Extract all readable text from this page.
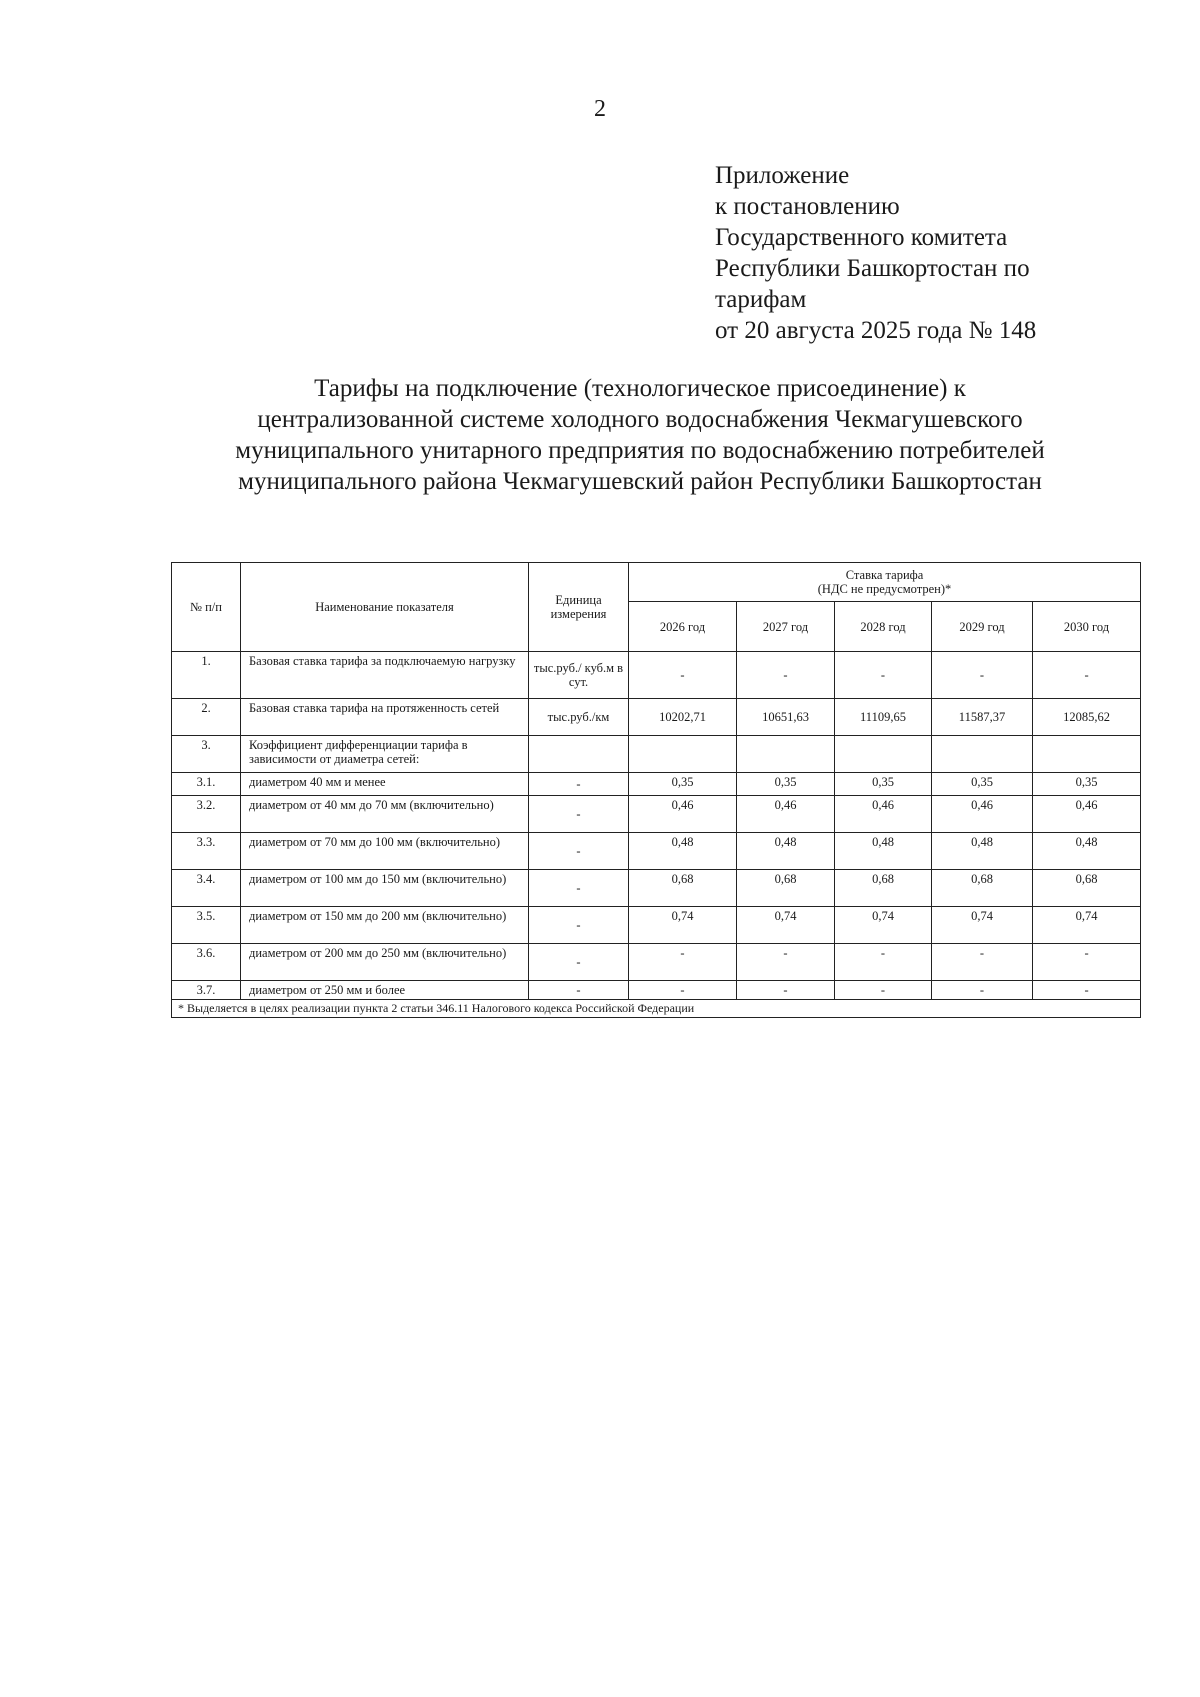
2
Приложение
к постановлению
Государственного комитета
Республики Башкортостан по
тарифам
от 20 августа 2025 года № 148
Тарифы на подключение (технологическое присоединение) к
централизованной системе холодного водоснабжения Чекмагушевского
муниципального унитарного предприятия по водоснабжению потребителей
муниципального района Чекмагушевский район Республики Башкортостан
№ п/п	Наименование показателя	Единица измерения	Ставка тарифа
(НДС не предусмотрен)*				

			2026 год	2027 год	2028 год	2029 год	2030 год
1.	Базовая ставка тарифа за подключаемую нагрузку	тыс.руб./ куб.м в сут.	-	-	-	-	-
2.	Базовая ставка тарифа на протяженность сетей	тыс.руб./км	10202,71	10651,63	11109,65	11587,37	12085,62
3.	Коэффициент дифференциации тарифа в зависимости от диаметра сетей:						
3.1.	диаметром 40 мм и менее	-	0,35	0,35	0,35	0,35	0,35
3.2.	диаметром от 40 мм до 70 мм (включительно)	-	0,46	0,46	0,46	0,46	0,46
3.3.	диаметром от 70 мм до 100 мм (включительно)	-	0,48	0,48	0,48	0,48	0,48
3.4.	диаметром от 100 мм до 150 мм (включительно)	-	0,68	0,68	0,68	0,68	0,68
3.5.	диаметром от 150 мм до 200 мм (включительно)	-	0,74	0,74	0,74	0,74	0,74
3.6.	диаметром от 200 мм до 250 мм (включительно)	-	-	-	-	-	-
3.7.	диаметром от 250 мм и более	-	-	-	-	-	-
* Выделяется в целях реализации пункта 2 статьи 346.11 Налогового кодекса Российской Федерации							
